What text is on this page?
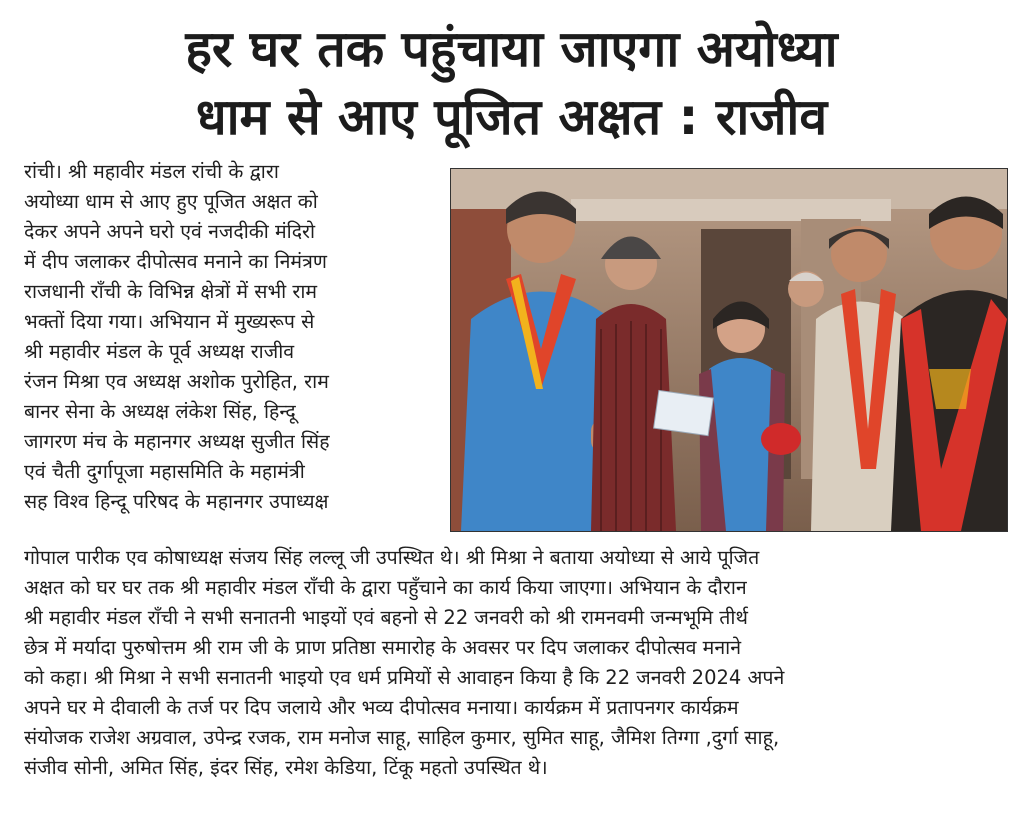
हर घर तक पहुंचाया जाएगा अयोध्या
धाम से आए पूजित अक्षत : राजीव
रांची। श्री महावीर मंडल रांची के द्वारा
अयोध्या धाम से आए हुए पूजित अक्षत को
देकर अपने अपने घरो एवं नजदीकी मंदिरो
में दीप जलाकर दीपोत्सव मनाने का निमंत्रण
राजधानी राँची के विभिन्न क्षेत्रों में सभी राम
भक्तों दिया गया। अभियान में मुख्यरूप से
श्री महावीर मंडल के पूर्व अध्यक्ष राजीव
रंजन मिश्रा एव अध्यक्ष अशोक पुरोहित, राम
बानर सेना के अध्यक्ष लंकेश सिंह, हिन्दू
जागरण मंच के महानगर अध्यक्ष सुजीत सिंह
एवं चैती दुर्गापूजा महासमिति के महामंत्री
सह विश्व हिन्दू परिषद के महानगर उपाध्यक्ष
गोपाल पारीक एव कोषाध्यक्ष संजय सिंह लल्लू जी उपस्थित थे। श्री मिश्रा ने बताया अयोध्या से आये पूजित
अक्षत को घर घर तक श्री महावीर मंडल राँची के द्वारा पहुँचाने का कार्य किया जाएगा। अभियान के दौरान
श्री महावीर मंडल राँची ने सभी सनातनी भाइयों एवं बहनो से 22 जनवरी को श्री रामनवमी जन्मभूमि तीर्थ
छेत्र में मर्यादा पुरुषोत्तम श्री राम जी के प्राण प्रतिष्ठा समारोह के अवसर पर दिप जलाकर दीपोत्सव मनाने
को कहा। श्री मिश्रा ने सभी सनातनी भाइयो एव धर्म प्रमियों से आवाहन किया है कि 22 जनवरी 2024 अपने
अपने घर मे दीवाली के तर्ज पर दिप जलाये और भव्य दीपोत्सव मनाया। कार्यक्रम में प्रतापनगर कार्यक्रम
संयोजक राजेश अग्रवाल, उपेन्द्र रजक, राम मनोज साहू, साहिल कुमार, सुमित साहू, जैमिश तिग्गा ,दुर्गा साहू,
संजीव सोनी, अमित सिंह, इंदर सिंह, रमेश केडिया, टिंकू महतो उपस्थित थे।
